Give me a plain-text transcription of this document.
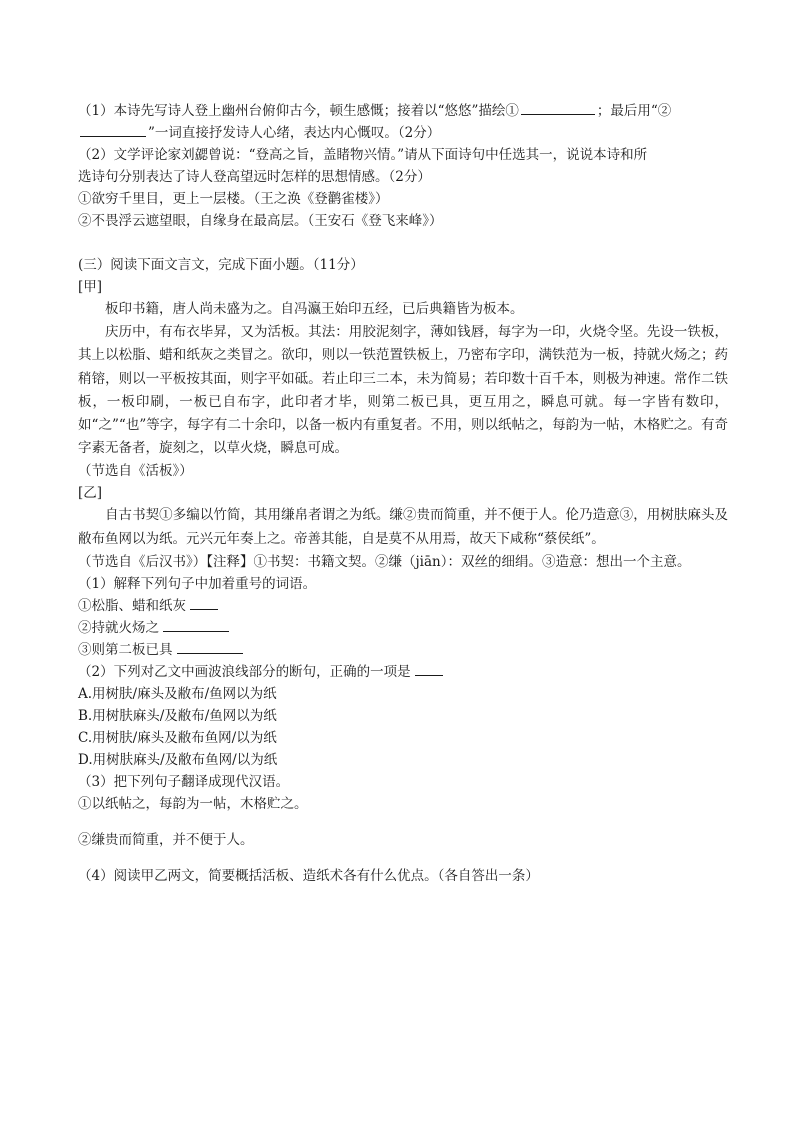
（1）本诗先写诗人登上幽州台俯仰古今，顿生感慨；接着以“悠悠”描绘①	；最后用“②
”一词直接抒发诗人心绪，表达内心慨叹。（2分）
（2）文学评论家刘勰曾说：“登高之旨，盖睹物兴情。”请从下面诗句中任选其一，说说本诗和所
选诗句分别表达了诗人登高望远时怎样的思想情感。（2分）
①欲穷千里目，更上一层楼。（王之涣《登鹳雀楼》）
②不畏浮云遮望眼，自缘身在最高层。（王安石《登飞来峰》）
(三）阅读下面文言文，完成下面小题。（11分）
[甲]

板印书籍，唐人尚未盛为之。自冯瀛王始印五经，已后典籍皆为板本。

庆历中，有布衣毕昇，又为活板。其法：用胶泥刻字，薄如钱唇，每字为一印，火烧令坚。先设一铁板，其上以松脂、蜡和纸灰之类冒之。欲印，则以一铁范置铁板上，乃密布字印，满铁范为一板，持就火炀之；药稍镕，则以一平板按其面，则字平如砥。若止印三二本，未为简易；若印数十百千本，则极为神速。常作二铁板，一板印刷，一板已自布字，此印者才毕，则第二板已具，更互用之，瞬息可就。每一字皆有数印，如“之”“也”等字，每字有二十余印，以备一板内有重复者。不用，则以纸帖之，每韵为一帖，木格贮之。有奇字素无备者，旋刻之，以草火烧，瞬息可成。

（节选自《活板》）
[乙]

自古书契①多编以竹简，其用缣帛者谓之为纸。缣②贵而简重，并不便于人。伦乃造意③，用树肤麻头及敝布鱼网以为纸。元兴元年奏上之。帝善其能，自是莫不从用焉，故天下咸称“蔡侯纸”。

（节选自《后汉书》）【注释】①书契：书籍文契。②缣（jiān）：双丝的细绢。③造意：想出一个主意。
（1）解释下列句子中加着重号的词语。
①松脂、蜡和纸灰
②持就火炀之
③则第二板已具
（2）下列对乙文中画波浪线部分的断句，正确的一项是
A.用树肤/麻头及敝布/鱼网以为纸
B.用树肤麻头/及敝布/鱼网以为纸
C.用树肤/麻头及敝布鱼网/以为纸
D.用树肤麻头/及敝布鱼网/以为纸
（3）把下列句子翻译成现代汉语。
①以纸帖之，每韵为一帖，木格贮之。
②缣贵而简重，并不便于人。
（4）阅读甲乙两文，简要概括活板、造纸术各有什么优点。（各自答出一条）
